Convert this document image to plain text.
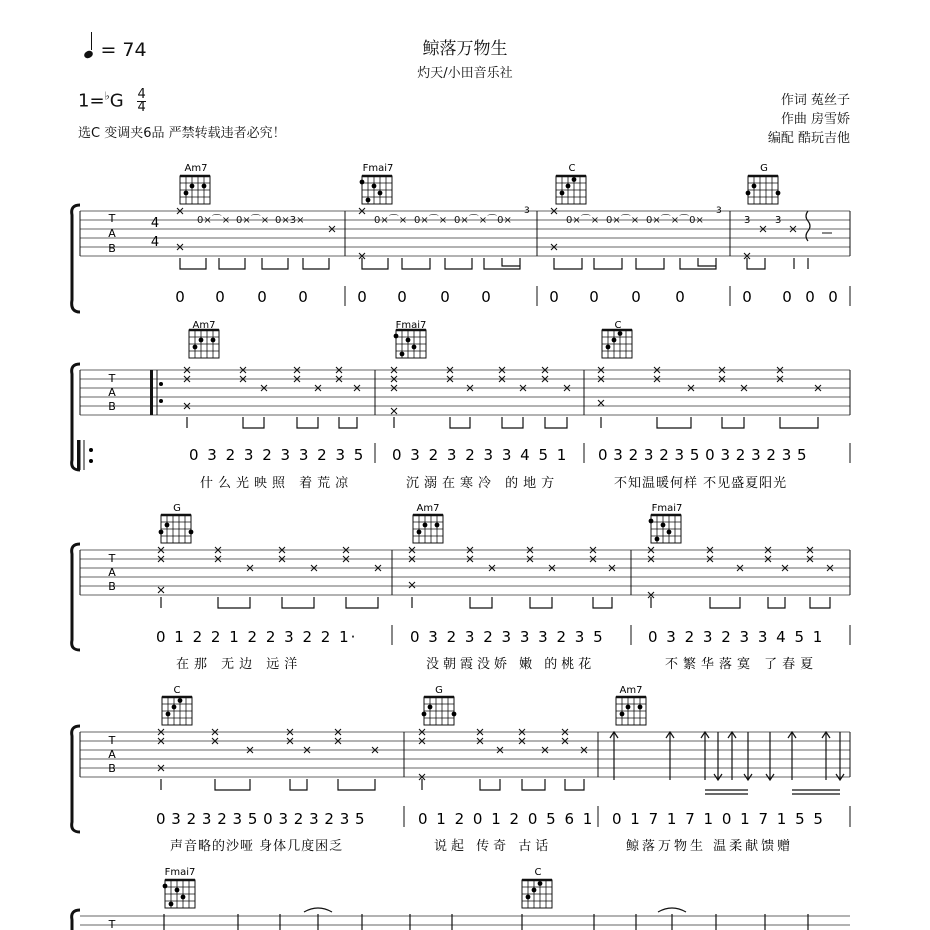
鲸落万物生
灼天/小田音乐社
= 74
$1=^♭G \frac{4}{4}$
选C 变调夹6品 严禁转载违者必究！
作词 菟丝子
作曲 房雪娇
编配 酷玩吉他
T
A
B
4
4
Am7	Fmai7	C	G
0×⌒× 0×⌒× 0×3×	0×⌒× 0×⌒× 0×⌒×⌒0×	0×⌒× 0×⌒× 0×⌒×⌒0×
3	3
3 3
0 0 0 0	0 0 0 0	0 0 0 0	0 0 0 0
T
A
B
Am7	Fmai7	C
0 3 2 3 2 3 3 2 3 5 0 3 2 3 2 3 3 4 5 1 0 3 2 3 2 3 5 0 3 2 3 2 3 5
什么光映照 着荒凉	沉溺在寒冷 的地方	不知温暖何样 不见盛夏阳光
T
A
B
G	Am7	Fmai7
0 1 2 2 1 2 2 3 2 2 1·	0 3 2 3 2 3 3 3 2 3 5	0 3 2 3 2 3 3 4 5 1
在那 无边 远洋	没朝霞没娇 嫩 的桃花	不繁华落寞 了春夏
T
A
B
C	G	Am7
0 3 2 3 2 3 5 0 3 2 3 2 3 5	0 1 2 0 1 2 0 5 6 1 0 1 7 1 7 1 0 1 7 1 5 5
声音略的沙哑 身体几度困乏	说起 传奇 古话	鲸落万物生 温柔献馈赠
T
Fmai7	C
